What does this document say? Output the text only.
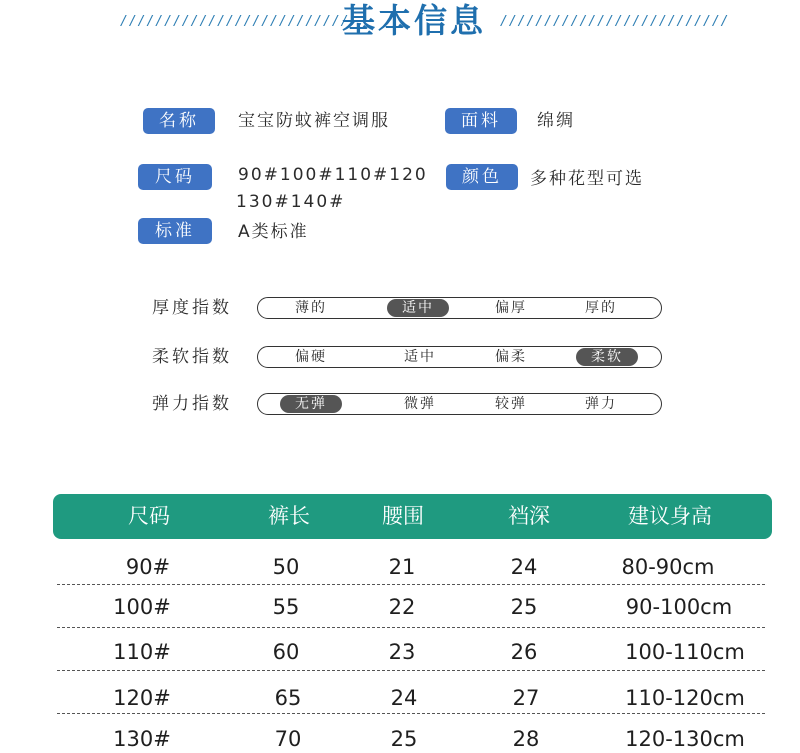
//////////////////////////
基本信息	//////////////////////////
名称	宝宝防蚊裤空调服	面料	绵绸
尺码	90#100#110#120
130#140#
颜色	多种花型可选
标准	A类标准
厚度指数	薄的	适中	偏厚	厚的
柔软指数	偏硬	适中	偏柔	柔软
弹力指数	无弹	微弹	较弹	弹力
尺码	裤长	腰围	裆深	建议身高
90#	50	21	24	80-90cm
100#	55	22	25	90-100cm
110#	60	23	26	100-110cm
120#	65	24	27	110-120cm
130#	70	25	28	120-130cm
